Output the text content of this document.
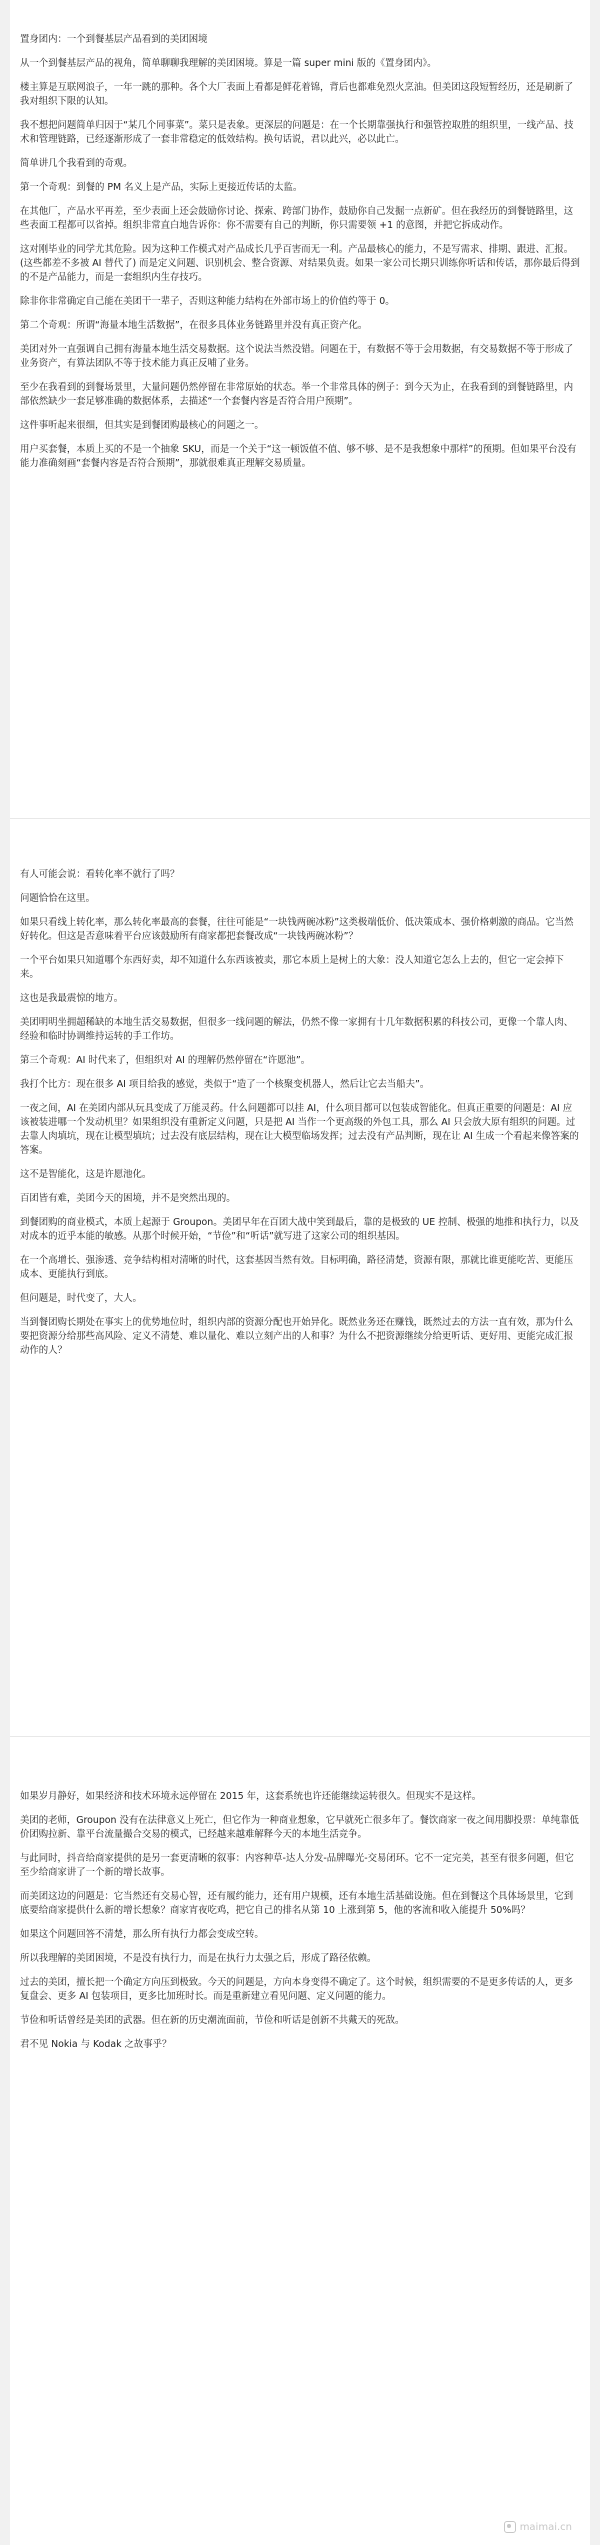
置身团内：一个到餐基层产品看到的美团困境

从一个到餐基层产品的视角，简单聊聊我理解的美团困境。算是一篇 super mini 版的《置身团内》。

楼主算是互联网浪子，一年一跳的那种。各个大厂表面上看都是鲜花着锦，背后也都难免烈火烹油。但美团这段短暂经历，还是刷新了我对组织下限的认知。

我不想把问题简单归因于“某几个同事菜”。菜只是表象。更深层的问题是：在一个长期靠强执行和强管控取胜的组织里，一线产品、技术和管理链路，已经逐渐形成了一套非常稳定的低效结构。换句话说，君以此兴，必以此亡。

简单讲几个我看到的奇观。

第一个奇观：到餐的 PM 名义上是产品，实际上更接近传话的太监。

在其他厂，产品水平再差，至少表面上还会鼓励你讨论、探索、跨部门协作，鼓励你自己发掘一点新矿。但在我经历的到餐链路里，这些表面工程都可以省掉。组织非常直白地告诉你：你不需要有自己的判断，你只需要领 +1 的意图，并把它拆成动作。

这对刚毕业的同学尤其危险。因为这种工作模式对产品成长几乎百害而无一利。产品最核心的能力，不是写需求、排期、跟进、汇报。(这些都差不多被 AI 替代了) 而是定义问题、识别机会、整合资源、对结果负责。如果一家公司长期只训练你听话和传话，那你最后得到的不是产品能力，而是一套组织内生存技巧。

除非你非常确定自己能在美团干一辈子，否则这种能力结构在外部市场上的价值约等于 0。

第二个奇观：所谓“海量本地生活数据”，在很多具体业务链路里并没有真正资产化。

美团对外一直强调自己拥有海量本地生活交易数据。这个说法当然没错。问题在于，有数据不等于会用数据，有交易数据不等于形成了业务资产，有算法团队不等于技术能力真正反哺了业务。

至少在我看到的到餐场景里，大量问题仍然停留在非常原始的状态。举一个非常具体的例子：到今天为止，在我看到的到餐链路里，内部依然缺少一套足够准确的数据体系，去描述“一个套餐内容是否符合用户预期”。

这件事听起来很细，但其实是到餐团购最核心的问题之一。

用户买套餐，本质上买的不是一个抽象 SKU，而是一个关于“这一顿饭值不值、够不够、是不是我想象中那样”的预期。但如果平台没有能力准确刻画“套餐内容是否符合预期”，那就很难真正理解交易质量。

有人可能会说：看转化率不就行了吗？

问题恰恰在这里。

如果只看线上转化率，那么转化率最高的套餐，往往可能是“一块钱两碗冰粉”这类极端低价、低决策成本、强价格刺激的商品。它当然好转化。但这是否意味着平台应该鼓励所有商家都把套餐改成“一块钱两碗冰粉”？

一个平台如果只知道哪个东西好卖，却不知道什么东西该被卖，那它本质上是树上的大象：没人知道它怎么上去的，但它一定会掉下来。

这也是我最震惊的地方。

美团明明坐拥超稀缺的本地生活交易数据，但很多一线问题的解法，仍然不像一家拥有十几年数据积累的科技公司，更像一个靠人肉、经验和临时协调维持运转的手工作坊。

第三个奇观：AI 时代来了，但组织对 AI 的理解仍然停留在“许愿池”。

我打个比方：现在很多 AI 项目给我的感觉，类似于“造了一个核聚变机器人，然后让它去当船夫”。

一夜之间，AI 在美团内部从玩具变成了万能灵药。什么问题都可以挂 AI，什么项目都可以包装成智能化。但真正重要的问题是：AI 应该被装进哪一个发动机里？如果组织没有重新定义问题，只是把 AI 当作一个更高级的外包工具，那么 AI 只会放大原有组织的问题。过去靠人肉填坑，现在让模型填坑；过去没有底层结构，现在让大模型临场发挥；过去没有产品判断，现在让 AI 生成一个看起来像答案的答案。

这不是智能化，这是许愿池化。

百团皆有难，美团今天的困境，并不是突然出现的。

到餐团购的商业模式，本质上起源于 Groupon。美团早年在百团大战中笑到最后，靠的是极致的 UE 控制、极强的地推和执行力，以及对成本的近乎本能的敏感。从那个时候开始，“节俭”和“听话”就写进了这家公司的组织基因。

在一个高增长、强渗透、竞争结构相对清晰的时代，这套基因当然有效。目标明确，路径清楚，资源有限，那就比谁更能吃苦、更能压成本、更能执行到底。

但问题是，时代变了，大人。

当到餐团购长期处在事实上的优势地位时，组织内部的资源分配也开始异化。既然业务还在赚钱，既然过去的方法一直有效，那为什么要把资源分给那些高风险、定义不清楚、难以量化、难以立刻产出的人和事？为什么不把资源继续分给更听话、更好用、更能完成汇报动作的人？

如果岁月静好，如果经济和技术环境永远停留在 2015 年，这套系统也许还能继续运转很久。但现实不是这样。

美团的老师，Groupon 没有在法律意义上死亡，但它作为一种商业想象，它早就死亡很多年了。餐饮商家一夜之间用脚投票：单纯靠低价团购拉新、靠平台流量撮合交易的模式，已经越来越难解释今天的本地生活竞争。

与此同时，抖音给商家提供的是另一套更清晰的叙事：内容种草-达人分发-品牌曝光-交易闭环。它不一定完美，甚至有很多问题，但它至少给商家讲了一个新的增长故事。

而美团这边的问题是：它当然还有交易心智，还有履约能力，还有用户规模，还有本地生活基础设施。但在到餐这个具体场景里，它到底要给商家提供什么新的增长想象？商家宵夜吃鸡，把它自己的排名从第 10 上涨到第 5，他的客流和收入能提升 50%吗？

如果这个问题回答不清楚，那么所有执行力都会变成空转。

所以我理解的美团困境，不是没有执行力，而是在执行力太强之后，形成了路径依赖。

过去的美团，擅长把一个确定方向压到极致。今天的问题是，方向本身变得不确定了。这个时候，组织需要的不是更多传话的人，更多复盘会、更多 AI 包装项目，更多比加班时长。而是重新建立看见问题、定义问题的能力。

节俭和听话曾经是美团的武器。但在新的历史潮流面前，节俭和听话是创新不共戴天的死敌。

君不见 Nokia 与 Kodak 之故事乎？

maimai.cn
